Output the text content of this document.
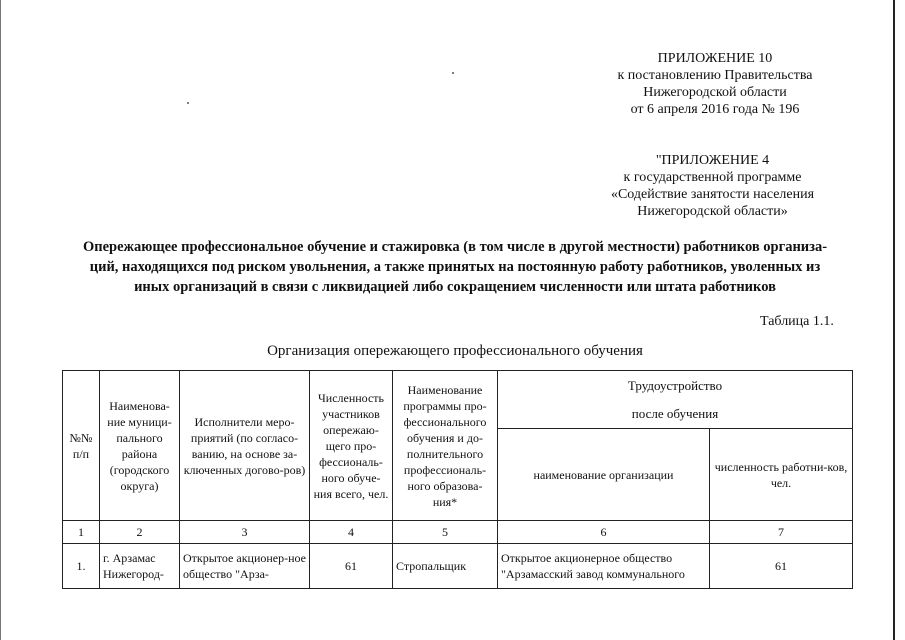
ПРИЛОЖЕНИЕ 10
к постановлению Правительства
Нижегородской области
от 6 апреля 2016 года № 196
"ПРИЛОЖЕНИЕ 4
к государственной программе
«Содействие занятости населения
Нижегородской области»
Опережающее профессиональное обучение и стажировка (в том числе в другой местности) работников организа-
ций, находящихся под риском увольнения, а также принятых на постоянную работу работников, уволенных из
иных организаций в связи с ликвидацией либо сокращением численности или штата работников
Таблица 1.1.
Организация опережающего профессионального обучения
№№ п/п	Наименова-ние муници-пального района (городского округа)	Исполнители меро-приятий (по согласо-ванию, на основе за-ключенных догово-ров)	Численность участников опережаю-щего про-фессиональ-ного обуче-ния всего, чел.	Наименование программы про-фессионального обучения и до-полнительного профессиональ-ного образова-ния*	Трудоустройство
после обучения	

					наименование организации	численность работни-ков, чел.
1	2	3	4	5	6	7
1.	г. Арзамас Нижегород-	Открытое акционер-ное общество "Арза-	61	Стропальщик	Открытое акционерное общество "Арзамасский завод коммунального	61
